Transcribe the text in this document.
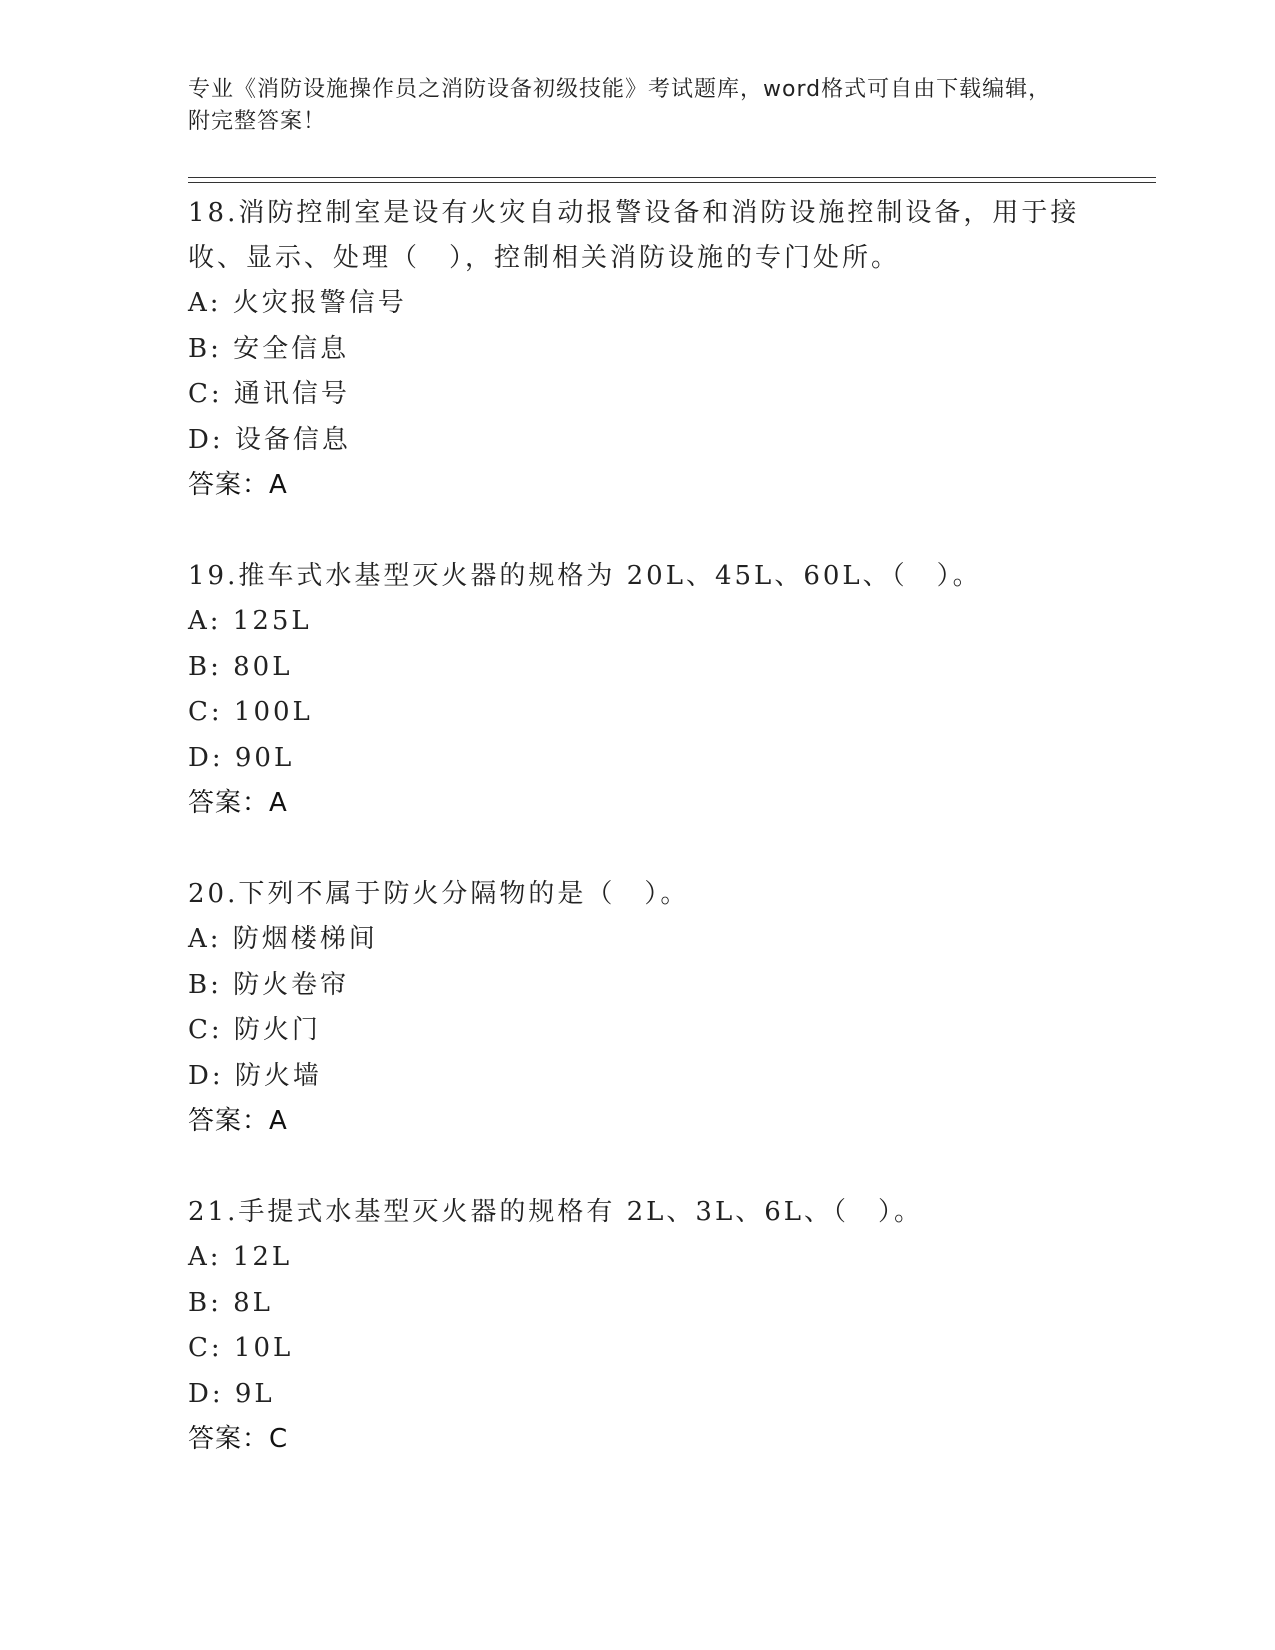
专业《消防设施操作员之消防设备初级技能》考试题库，word格式可自由下载编辑，附完整答案！
18.消防控制室是设有火灾自动报警设备和消防设施控制设备，用于接收、显示、处理（　），控制相关消防设施的专门处所。
A: 火灾报警信号
B: 安全信息
C: 通讯信号
D: 设备信息
答案：A
19.推车式水基型灭火器的规格为 20L、45L、60L、（　）。
A: 125L
B: 80L
C: 100L
D: 90L
答案：A
20.下列不属于防火分隔物的是（　）。
A: 防烟楼梯间
B: 防火卷帘
C: 防火门
D: 防火墙
答案：A
21.手提式水基型灭火器的规格有 2L、3L、6L、（　）。
A: 12L
B: 8L
C: 10L
D: 9L
答案：C
